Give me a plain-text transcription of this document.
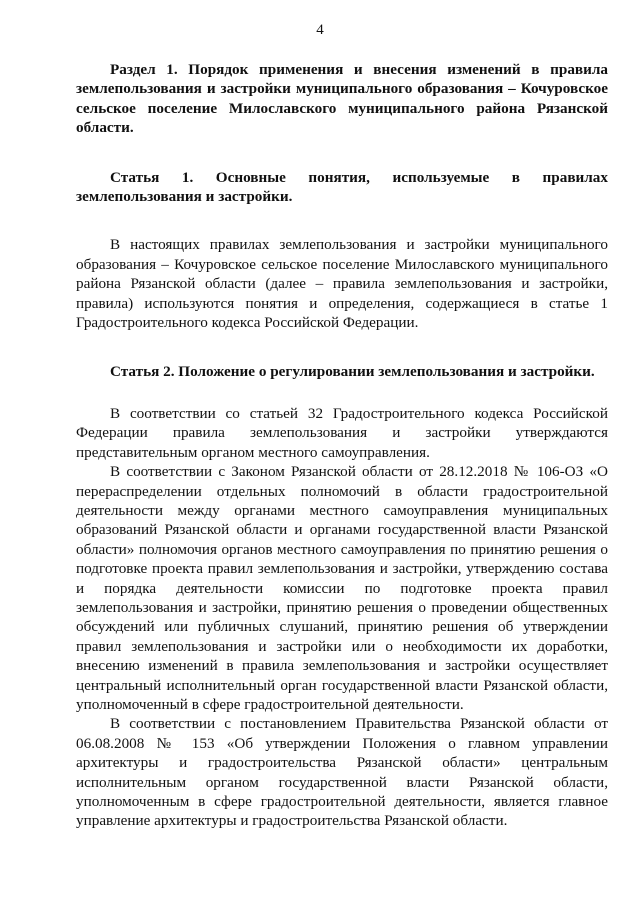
4

Раздел 1. Порядок применения и внесения изменений в правила землепользования и застройки муниципального образования – Кочуровское сельское поселение Милославского муниципального района Рязанской области.

Статья 1. Основные понятия, используемые в правилах землепользования и застройки.

В настоящих правилах землепользования и застройки муниципального образования – Кочуровское сельское поселение Милославского муниципального района Рязанской области (далее – правила землепользования и застройки, правила) используются понятия и определения, содержащиеся в статье 1 Градостроительного кодекса Российской Федерации.

Статья 2. Положение о регулировании землепользования и застройки.

В соответствии со статьей 32 Градостроительного кодекса Российской Федерации правила землепользования и застройки утверждаются представительным органом местного самоуправления.

В соответствии с Законом Рязанской области от 28.12.2018 № 106-ОЗ «О перераспределении отдельных полномочий в области градостроительной деятельности между органами местного самоуправления муниципальных образований Рязанской области и органами государственной власти Рязанской области» полномочия органов местного самоуправления по принятию решения о подготовке проекта правил землепользования и застройки, утверждению состава и порядка деятельности комиссии по подготовке проекта правил землепользования и застройки, принятию решения о проведении общественных обсуждений или публичных слушаний, принятию решения об утверждении правил землепользования и застройки или о необходимости их доработки, внесению изменений в правила землепользования и застройки осуществляет центральный исполнительный орган государственной власти Рязанской области, уполномоченный в сфере градостроительной деятельности.

В соответствии с постановлением Правительства Рязанской области от 06.08.2008 № 153 «Об утверждении Положения о главном управлении архитектуры и градостроительства Рязанской области» центральным исполнительным органом государственной власти Рязанской области, уполномоченным в сфере градостроительной деятельности, является главное управление архитектуры и градостроительства Рязанской области.
